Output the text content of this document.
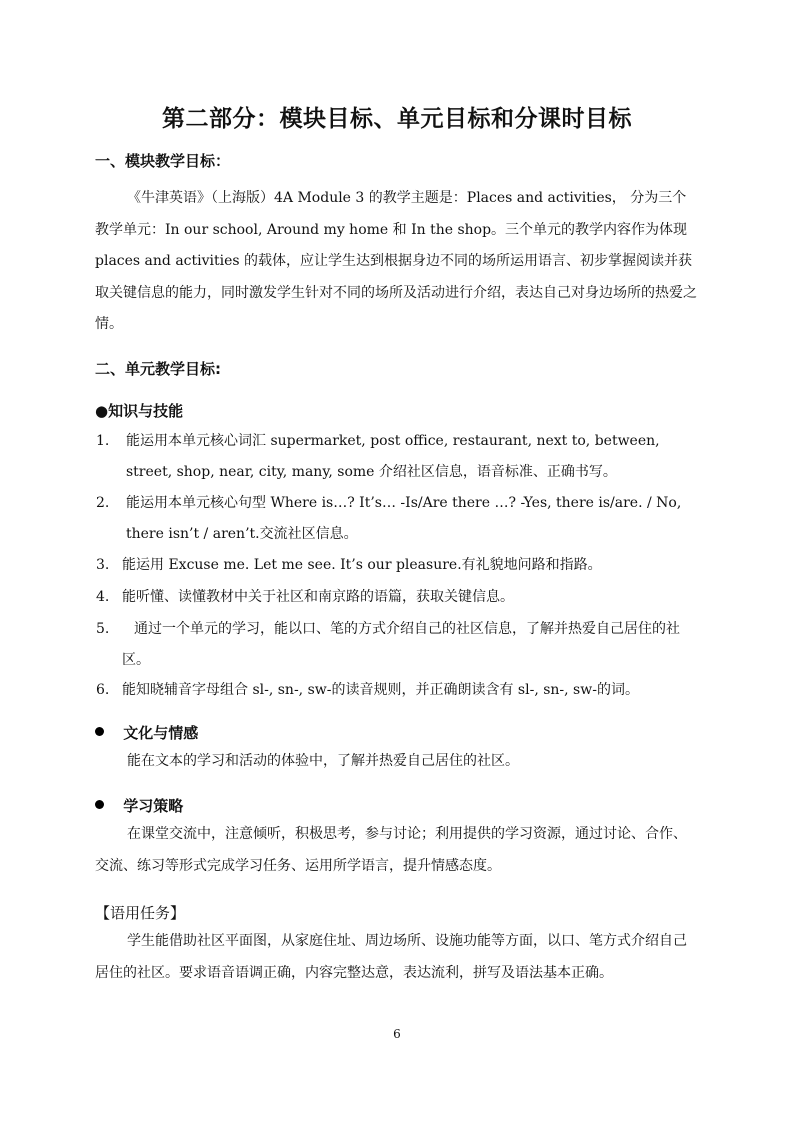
第二部分：模块目标、单元目标和分课时目标
一、模块教学目标：
《牛津英语》（上海版）4A Module 3 的教学主题是：Places and activities， 分为三个教学单元：In our school, Around my home 和 In the shop。三个单元的教学内容作为体现 places and activities 的载体，应让学生达到根据身边不同的场所运用语言、初步掌握阅读并获取关键信息的能力，同时激发学生针对不同的场所及活动进行介绍，表达自己对身边场所的热爱之情。
二、单元教学目标:
●知识与技能
1. 能运用本单元核心词汇 supermarket, post office, restaurant, next to, between, street, shop, near, city, many, some 介绍社区信息，语音标准、正确书写。
2. 能运用本单元核心句型 Where is…? It’s… -Is/Are there …? -Yes, there is/are. / No, there isn’t / aren’t.交流社区信息。
3. 能运用 Excuse me. Let me see. It’s our pleasure.有礼貌地问路和指路。
4. 能听懂、读懂教材中关于社区和南京路的语篇，获取关键信息。
5.	通过一个单元的学习，能以口、笔的方式介绍自己的社区信息，了解并热爱自己居住的社区。
6. 能知晓辅音字母组合 sl-, sn-, sw-的读音规则，并正确朗读含有 sl-, sn-, sw-的词。
文化与情感
能在文本的学习和活动的体验中，了解并热爱自己居住的社区。
学习策略
在课堂交流中，注意倾听，积极思考，参与讨论；利用提供的学习资源，通过讨论、合作、交流、练习等形式完成学习任务、运用所学语言，提升情感态度。
【语用任务】
学生能借助社区平面图，从家庭住址、周边场所、设施功能等方面，以口、笔方式介绍自己居住的社区。要求语音语调正确，内容完整达意，表达流利，拼写及语法基本正确。
6
